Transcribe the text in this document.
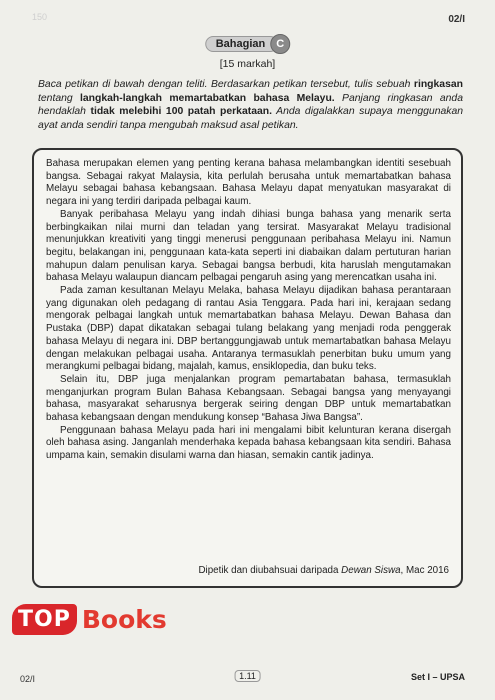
150	02/I
Bahagian	C
[15 markah]
Baca petikan di bawah dengan teliti. Berdasarkan petikan tersebut, tulis sebuah ringkasan tentang langkah-langkah memartabatkan bahasa Melayu. Panjang ringkasan anda hendaklah tidak melebihi 100 patah perkataan. Anda digalakkan supaya menggunakan ayat anda sendiri tanpa mengubah maksud asal petikan.

Bahasa merupakan elemen yang penting kerana bahasa melambangkan identiti sesebuah bangsa. Sebagai rakyat Malaysia, kita perlulah berusaha untuk memartabatkan bahasa Melayu sebagai bahasa kebangsaan. Bahasa Melayu dapat menyatukan masyarakat di negara ini yang terdiri daripada pelbagai kaum.

Banyak peribahasa Melayu yang indah dihiasi bunga bahasa yang menarik serta berbingkaikan nilai murni dan teladan yang tersirat. Masyarakat Melayu tradisional menunjukkan kreativiti yang tinggi menerusi penggunaan peribahasa Melayu ini. Namun begitu, belakangan ini, penggunaan kata-kata seperti ini diabaikan dalam pertuturan harian mahupun dalam penulisan karya. Sebagai bangsa berbudi, kita haruslah mengutamakan bahasa Melayu walaupun diancam pelbagai pengaruh asing yang merencatkan usaha ini.

Pada zaman kesultanan Melayu Melaka, bahasa Melayu dijadikan bahasa perantaraan yang digunakan oleh pedagang di rantau Asia Tenggara. Pada hari ini, kerajaan sedang mengorak pelbagai langkah untuk memartabatkan bahasa Melayu. Dewan Bahasa dan Pustaka (DBP) dapat dikatakan sebagai tulang belakang yang menjadi roda penggerak bahasa Melayu di negara ini. DBP bertanggungjawab untuk memartabatkan bahasa Melayu dengan melakukan pelbagai usaha. Antaranya termasuklah penerbitan buku umum yang merangkumi pelbagai bidang, majalah, kamus, ensiklopedia, dan buku teks.

Selain itu, DBP juga menjalankan program pemartabatan bahasa, termasuklah menganjurkan program Bulan Bahasa Kebangsaan. Sebagai bangsa yang menyayangi bahasa, masyarakat seharusnya bergerak seiring dengan DBP untuk memartabatkan bahasa kebangsaan dengan mendukung konsep “Bahasa Jiwa Bangsa”.

Penggunaan bahasa Melayu pada hari ini mengalami bibit kelunturan kerana disergah oleh bahasa asing. Janganlah menderhaka kepada bahasa kebangsaan kita sendiri. Bahasa umpama kain, semakin disulami warna dan hiasan, semakin cantik jadinya.

Dipetik dan diubahsuai daripada Dewan Siswa, Mac 2016
TOP Books
02/I	1.11	Set I – UPSA
